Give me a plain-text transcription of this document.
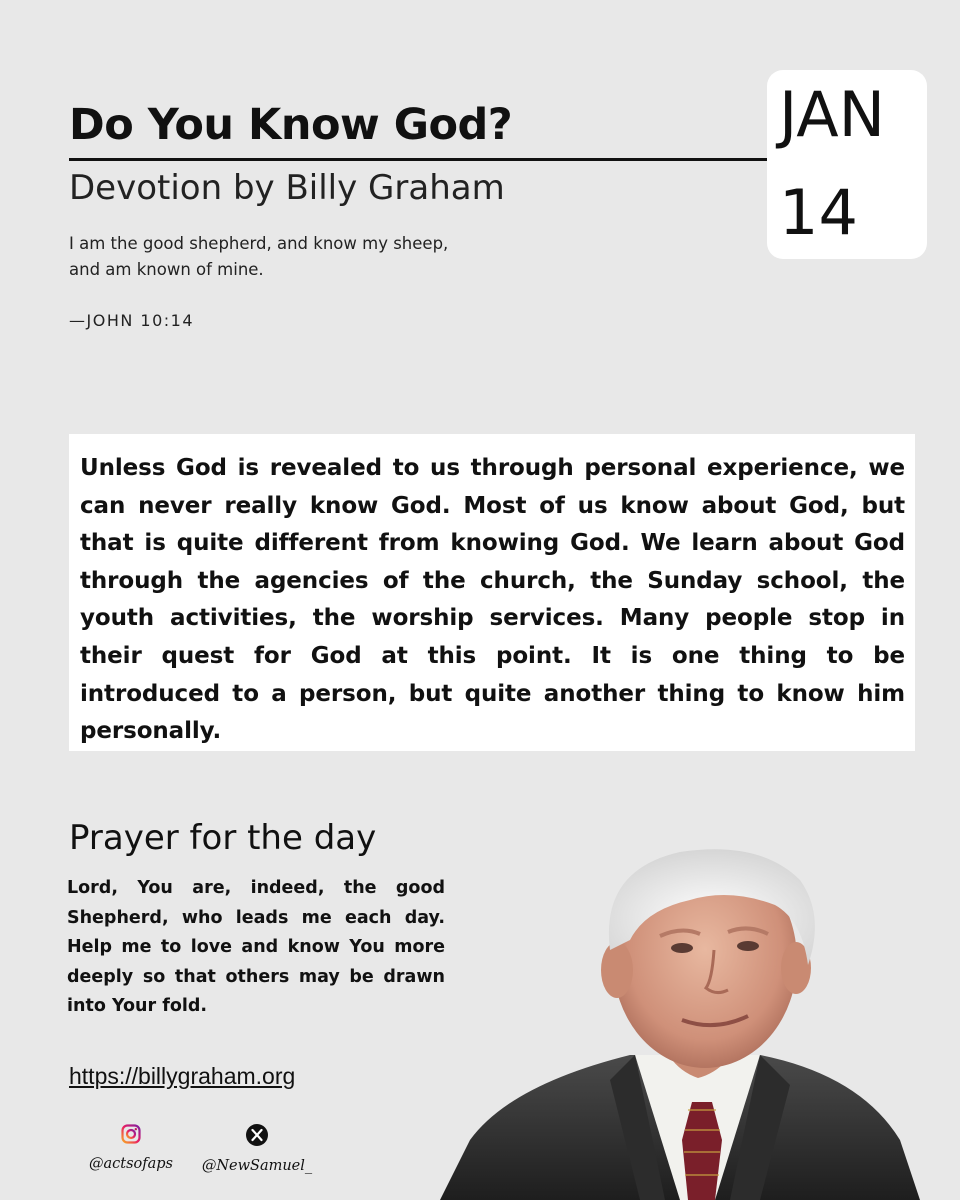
Do You Know God?
Devotion by Billy Graham
I am the good shepherd, and know my sheep,
and am known of mine.
—JOHN 10:14
JAN
14

Unless God is revealed to us through personal experience, we can never really know God. Most of us know about God, but that is quite different from knowing God. We learn about God through the agencies of the church, the Sunday school, the youth activities, the worship services. Many people stop in their quest for God at this point. It is one thing to be introduced to a person, but quite another thing to know him personally.

Prayer for the day

Lord, You are, indeed, the good Shepherd, who leads me each day. Help me to love and know You more deeply so that others may be drawn into Your fold.

https://billygraham.org
@actsofaps @NewSamuel_
